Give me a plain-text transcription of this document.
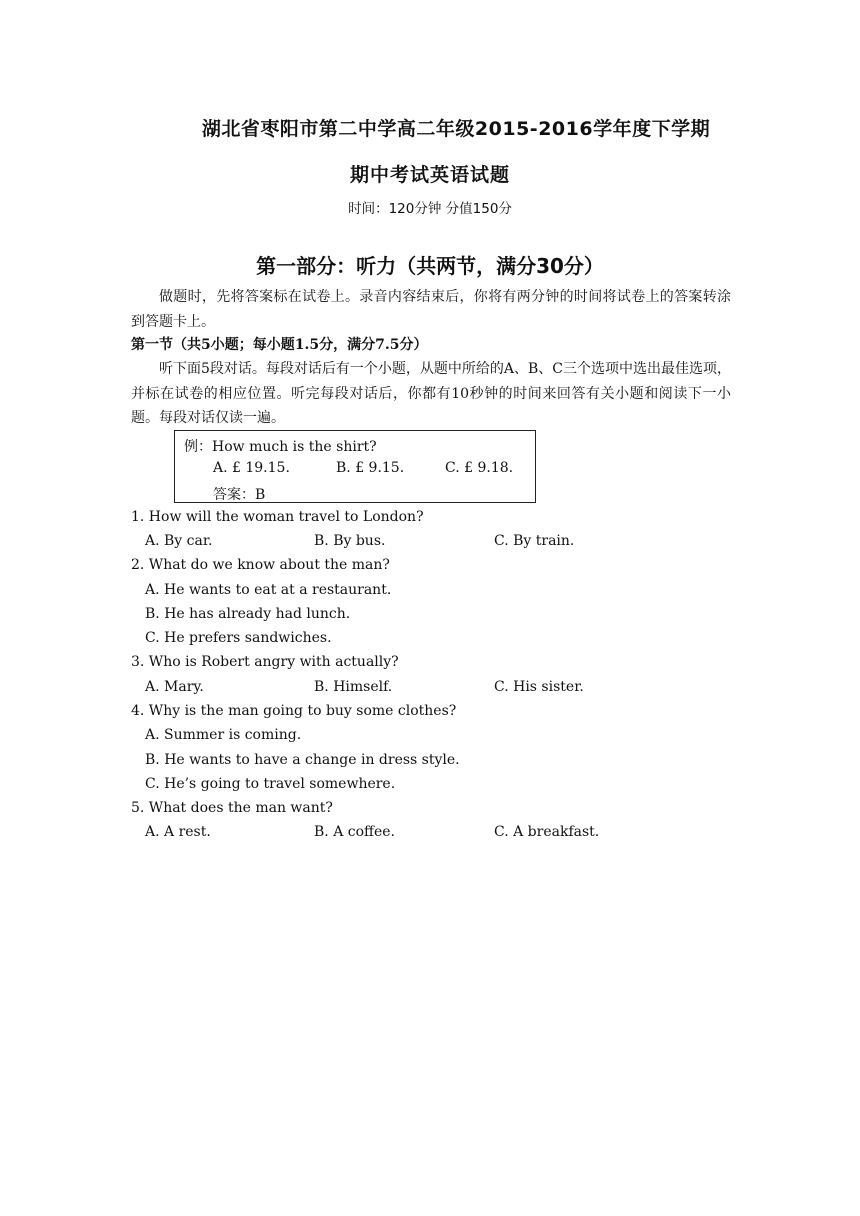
湖北省枣阳市第二中学高二年级2015-2016学年度下学期
期中考试英语试题
时间：120分钟 分值150分
第一部分：听力（共两节，满分30分）
做题时，先将答案标在试卷上。录音内容结束后，你将有两分钟的时间将试卷上的答案转涂到答题卡上。
第一节（共5小题；每小题1.5分，满分7.5分）
听下面5段对话。每段对话后有一个小题，从题中所给的A、B、C三个选项中选出最佳选项，并标在试卷的相应位置。听完每段对话后，你都有10秒钟的时间来回答有关小题和阅读下一小题。每段对话仅读一遍。
例：How much is the shirt?
A. £ 19.15.	B. £ 9.15.	C. £ 9.18.
答案：B
1. How will the woman travel to London?
A. By car.	B. By bus.	C. By train.
2. What do we know about the man?
A. He wants to eat at a restaurant.
B. He has already had lunch.
C. He prefers sandwiches.
3. Who is Robert angry with actually?
A. Mary.	B. Himself.	C. His sister.
4. Why is the man going to buy some clothes?
A. Summer is coming.
B. He wants to have a change in dress style.
C. He’s going to travel somewhere.
5. What does the man want?
A. A rest.	B. A coffee.	C. A breakfast.
